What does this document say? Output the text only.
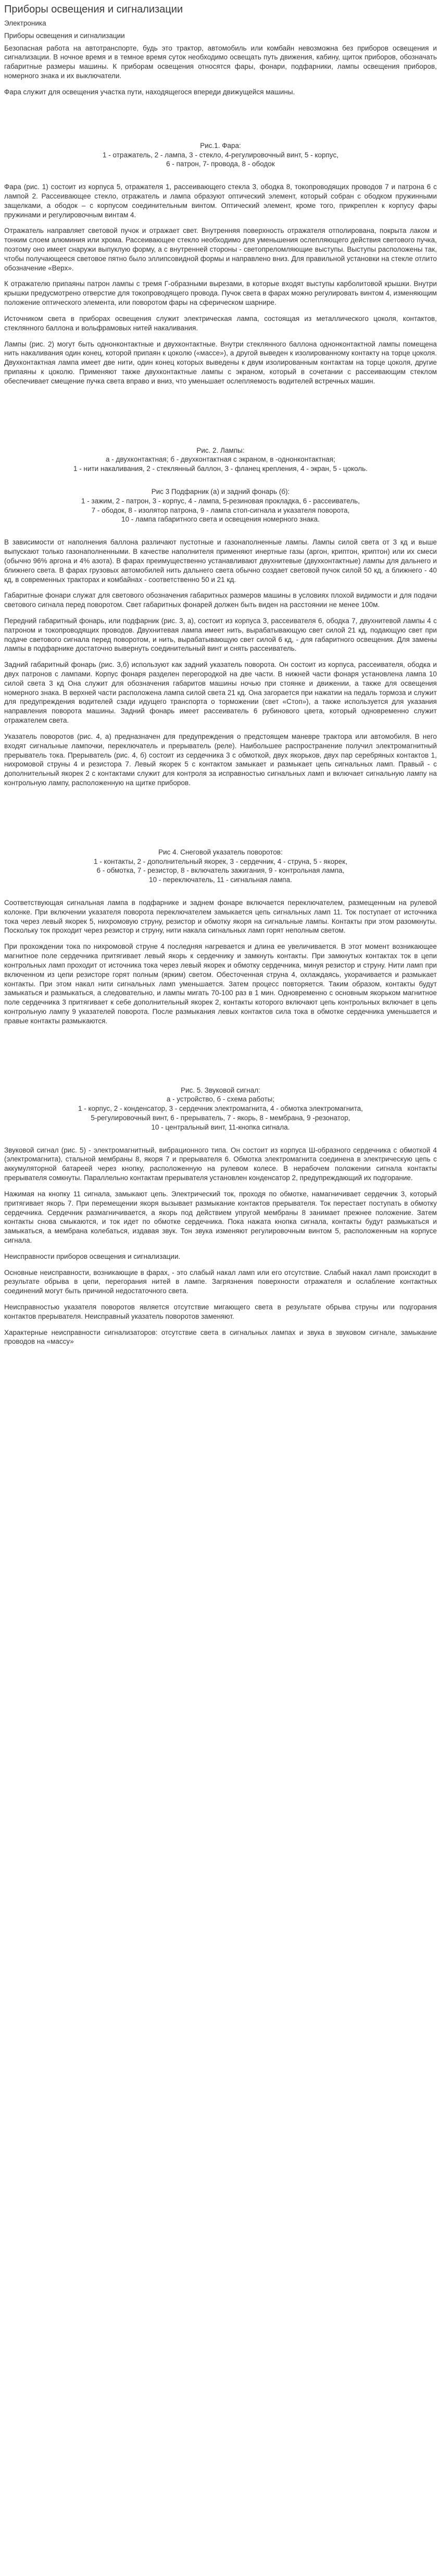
Приборы освещения и сигнализации
Электроника
Приборы освещения и сигнализации

Безопасная работа на автотранспорте, будь это трактор, автомобиль или комбайн невозможна без приборов освещения и сигнализации. В ночное время и в темное время суток необходимо освещать путь движения, кабину, щиток приборов, обозначать габаритные размеры машины. К приборам освещения относятся фары, фонари, подфарники, лампы освещения приборов, номерного знака и их выключатели.

Фара служит для освещения участка пути, находящегося впереди движущейся машины.

Рис.1. Фара:
1 - отражатель, 2 - лампа, 3 - стекло, 4-регулировочный винт, 5 - корпус,
6 - патрон, 7- провода, 8 - ободок

Фара (рис. 1) состоит из корпуса 5, отражателя 1, рассеивающего стекла 3, ободка 8, токопроводящих проводов 7 и патрона 6 с лампой 2. Рассеивающее стекло, отражатель и лампа образуют оптический элемент, который собран с ободком пружинными защелками, а ободок – с корпусом соединительным винтом. Оптический элемент, кроме того, прикреплен к корпусу фары пружинами и регулировочным винтам 4.

Отражатель направляет световой пучок и отражает свет. Внутренняя поверхность отражателя отполирована, покрыта лаком и тонким слоем алюминия или хрома. Рассеивающее стекло необходимо для уменьшения ослепляющего действия светового пучка, поэтому оно имеет снаружи выпуклую форму, а с внутренней стороны - светопреломляющие выступы. Выступы расположены так, чтобы получающееся световое пятно было эллипсовидной формы и направлено вниз. Для правильной установки на стекле отлито обозначение «Верх».

К отражателю припаяны патрон лампы с тремя Г-образными вырезами, в которые входят выступы карболитовой крышки. Внутри крышки предусмотрено отверстие для токопроводящего провода. Пучок света в фарах можно регулировать винтом 4, изменяющим положение оптического элемента, или поворотом фары на сферическом шарнире.

Источником света в приборах освещения служит электрическая лампа, состоящая из металлического цоколя, контактов, стеклянного баллона и вольфрамовых нитей накаливания.

Лампы (рис. 2) могут быть однонконтактные и двухконтактные. Внутри стеклянного баллона однонконтактной лампы помещена нить накаливания один конец, которой припаян к цоколю («массе»), а другой выведен к изолированному контакту на торце цоколя. Двухконтактная лампа имеет две нити, один конец которых выведены к двум изолированным контактам на торце цоколя, другие припаяны к цоколю. Применяют также двухконтактные лампы с экраном, который в сочетании с рассеивающим стеклом обеспечивает смещение пучка света вправо и вниз, что уменьшает ослепляемость водителей встречных машин.

Рис. 2. Лампы:
а - двухконтактная; б - двухконтактная с экраном, в -однонконтактная;
1 - нити накаливания, 2 - стеклянный баллон, 3 - фланец крепления, 4 - экран, 5 - цоколь.
Рис 3 Подфарник (а) и задний фонарь (б):
1 - зажим, 2 - патрон, 3 - корпус, 4 - лампа, 5-резиновая прокладка, 6 - рассеиватель,
7 - ободок, 8 - изолятор патрона, 9 - лампа стоп-сигнала и указателя поворота,
10 - лампа габаритного света и освещения номерного знака.

В зависимости от наполнения баллона различают пустотные и газонаполненные лампы. Лампы силой света от 3 кд и выше выпускают только газонаполненными. В качестве наполнителя применяют инертные газы (аргон, криптон, криптон) или их смеси (обычно 96% аргона и 4% азота). В фарах преимущественно устанавливают двухнитевые (двухконтактные) лампы для дальнего и ближнего света. В фарах грузовых автомобилей нить дальнего света обычно создает световой пучок силой 50 кд, а ближнего - 40 кд, в современных тракторах и комбайнах - соответственно 50 и 21 кд.

Габаритные фонари служат для светового обозначения габаритных размеров машины в условиях плохой видимости и для подачи светового сигнала перед поворотом. Свет габаритных фонарей должен быть виден на расстоянии не менее 100м.

Передний габаритный фонарь, или подфарник (рис. 3, а), состоит из корпуса 3, рассеивателя 6, ободка 7, двухнитевой лампы 4 с патроном и токопроводящих проводов. Двухнитевая лампа имеет нить, вырабатывающую свет силой 21 кд, подающую свет при подаче светового сигнала перед поворотом, и нить, вырабатывающую свет силой 6 кд, - для габаритного освещения. Для замены лампы в подфарнике достаточно вывернуть соединительный винт и снять рассеиватель.

Задний габаритный фонарь (рис. 3,б) используют как задний указатель поворота. Он состоит из корпуса, рассеивателя, ободка и двух патронов с лампами. Корпус фонаря разделен перегородкой на две части. В нижней части фонаря установлена лампа 10 силой света 3 кд Она служит для обозначения габаритов машины ночью при стоянке и движении, а также для освещения номерного знака. В верхней части расположена лампа силой света 21 кд. Она загорается при нажатии на педаль тормоза и служит для предупреждения водителей сзади идущего транспорта о торможении (свет «Стоп»), а также используется для указания направления поворота машины. Задний фонарь имеет рассеиватель 6 рубинового цвета, который одновременно служит отражателем света.

Указатель поворотов (рис. 4, а) предназначен для предупреждения о предстоящем маневре трактора или автомобиля. В него входят сигнальные лампочки, переключатель и прерыватель (реле). Наибольшее распространение получил электромагнитный прерыватель тока. Прерыватель (рис. 4, б) состоит из сердечника 3 с обмоткой, двух якорьков, двух пар серебряных контактов 1, нихромовой струны 4 и резистора 7. Левый якорек 5 с контактом замыкает и размыкает цепь сигнальных ламп. Правый - с дополнительный якорек 2 с контактами служит для контроля за исправностью сигнальных ламп и включает сигнальную лампу на контрольную лампу, расположенную на щитке приборов.

Рис 4. Снеговой указатель поворотов:
1 - контакты, 2 - дополнительный якорек, 3 - сердечник, 4 - струна, 5 - якорек,
6 - обмотка, 7 - резистор, 8 - включатель зажигания, 9 - контрольная лампа,
10 - переключатель, 11 - сигнальная лампа.

Соответствующая сигнальная лампа в подфарнике и заднем фонаре включается переключателем, размещенным на рулевой колонке. При включении указателя поворота переключателем замыкается цепь сигнальных ламп 11. Ток поступает от источника тока через левый якорек 5, нихромовую струну, резистор и обмотку якоря на сигнальные лампы. Контакты при этом разомкнуты. Поскольку ток проходит через резистор и струну, нити накала сигнальных ламп горят неполным светом.

При прохождении тока по нихромовой струне 4 последняя нагревается и длина ее увеличивается. В этот момент возникающее магнитное поле сердечника притягивает левый якорь к сердечнику и замкнуть контакты. При замкнутых контактах ток в цепи контрольных ламп проходит от источника тока через левый якорек и обмотку сердечника, минуя резистор и струну. Нити ламп при включенном из цепи резисторе горят полным (ярким) светом. Обесточенная струна 4, охлаждаясь, укорачивается и размыкает контакты. При этом накал нити сигнальных ламп уменьшается. Затем процесс повторяется. Таким образом, контакты будут замыкаться и размыкаться, а следовательно, и лампы мигать 70-100 раз в 1 мин. Одновременно с основным якорьком магнитное поле сердечника 3 притягивает к себе дополнительный якорек 2, контакты которого включают цепь контрольных включает в цепь контрольную лампу 9 указателей поворота. После размыкания левых контактов сила тока в обмотке сердечника уменьшается и правые контакты размыкаются.

Рис. 5. Звуковой сигнал:
а - устройство, б - схема работы;
1 - корпус, 2 - конденсатор, 3 - сердечник электромагнита, 4 - обмотка электромагнита,
5-регулировочный винт, 6 - прерыватель, 7 - якорь, 8 - мембрана, 9 -резонатор,
10 - центральный винт, 11-кнопка сигнала.

Звуковой сигнал (рис. 5) - электромагнитный, вибрационного типа. Он состоит из корпуса Ш-образного сердечника с обмоткой 4 (электромагнита), стальной мембраны 8, якоря 7 и прерывателя 6. Обмотка электромагнита соединена в электрическую цепь с аккумуляторной батареей через кнопку, расположенную на рулевом колесе. В нерабочем положении сигнала контакты прерывателя сомкнуты. Параллельно контактам прерывателя установлен конденсатор 2, предупреждающий их подгорание.

Нажимая на кнопку 11 сигнала, замыкают цепь. Электрический ток, проходя по обмотке, намагничивает сердечник 3, который притягивает якорь 7. При перемещении якоря вызывает размыкание контактов прерывателя. Ток перестает поступать в обмотку сердечника. Сердечник размагничивается, а якорь под действием упругой мембраны 8 занимает прежнее положение. Затем контакты снова смыкаются, и ток идет по обмотке сердечника. Пока нажата кнопка сигнала, контакты будут размыкаться и замыкаться, а мембрана колебаться, издавая звук. Тон звука изменяют регулировочным винтом 5, расположенным на корпусе сигнала.

Неисправности приборов освещения и сигнализации.

Основные неисправности, возникающие в фарах, - это слабый накал ламп или его отсутствие. Слабый накал ламп происходит в результате обрыва в цепи, перегорания нитей в лампе. Загрязнения поверхности отражателя и ослабление контактных соединений могут быть причиной недостаточного света.

Неисправностью указателя поворотов является отсутствие мигающего света в результате обрыва струны или подгорания контактов прерывателя. Неисправный указатель поворотов заменяют.

Характерные неисправности сигнализаторов: отсутствие света в сигнальных лампах и звука в звуковом сигнале, замыкание проводов на «массу»
